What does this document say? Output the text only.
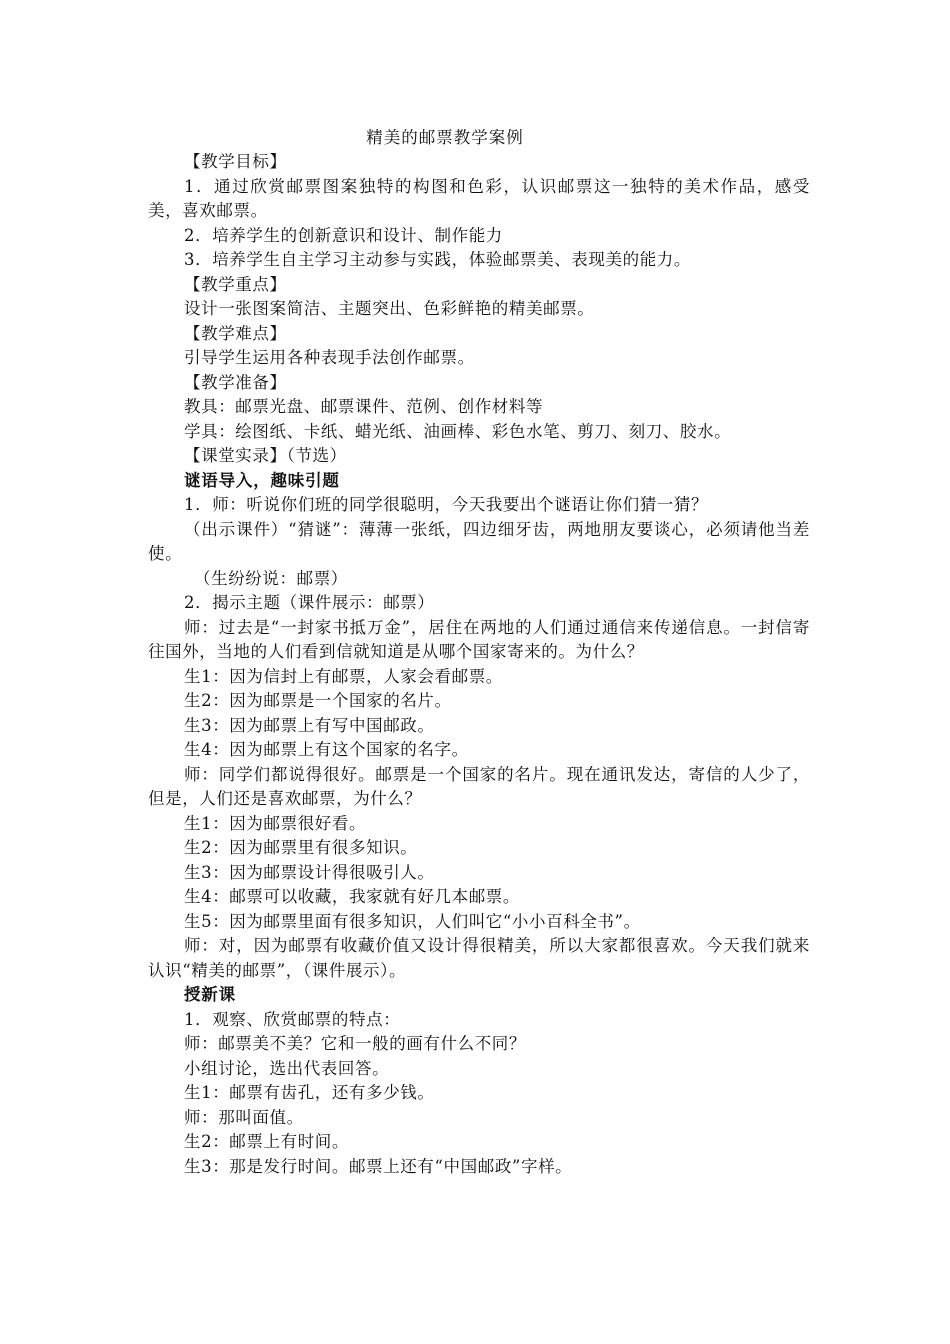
精美的邮票教学案例

【教学目标】

1．通过欣赏邮票图案独特的构图和色彩，认识邮票这一独特的美术作品，感受美，喜欢邮票。

2．培养学生的创新意识和设计、制作能力

3．培养学生自主学习主动参与实践，体验邮票美、表现美的能力。

【教学重点】

设计一张图案简洁、主题突出、色彩鲜艳的精美邮票。

【教学难点】

引导学生运用各种表现手法创作邮票。

【教学准备】

教具：邮票光盘、邮票课件、范例、创作材料等

学具：绘图纸、卡纸、蜡光纸、油画棒、彩色水笔、剪刀、刻刀、胶水。

【课堂实录】（节选）

谜语导入，趣味引题

1．师：听说你们班的同学很聪明，今天我要出个谜语让你们猜一猜？

（出示课件）“猜谜”：薄薄一张纸，四边细牙齿，两地朋友要谈心，必须请他当差使。

（生纷纷说：邮票）

2．揭示主题（课件展示：邮票）

师：过去是“一封家书抵万金”，居住在两地的人们通过通信来传递信息。一封信寄往国外，当地的人们看到信就知道是从哪个国家寄来的。为什么？

生1：因为信封上有邮票，人家会看邮票。

生2：因为邮票是一个国家的名片。

生3：因为邮票上有写中国邮政。

生4：因为邮票上有这个国家的名字。

师：同学们都说得很好。邮票是一个国家的名片。现在通讯发达，寄信的人少了，但是，人们还是喜欢邮票，为什么？

生1：因为邮票很好看。

生2：因为邮票里有很多知识。

生3：因为邮票设计得很吸引人。

生4：邮票可以收藏，我家就有好几本邮票。

生5：因为邮票里面有很多知识，人们叫它“小小百科全书”。

师：对，因为邮票有收藏价值又设计得很精美，所以大家都很喜欢。今天我们就来认识“精美的邮票”，（课件展示）。

授新课

1．观察、欣赏邮票的特点：

师：邮票美不美？它和一般的画有什么不同？

小组讨论，选出代表回答。

生1：邮票有齿孔，还有多少钱。

师：那叫面值。

生2：邮票上有时间。

生3：那是发行时间。邮票上还有“中国邮政”字样。
